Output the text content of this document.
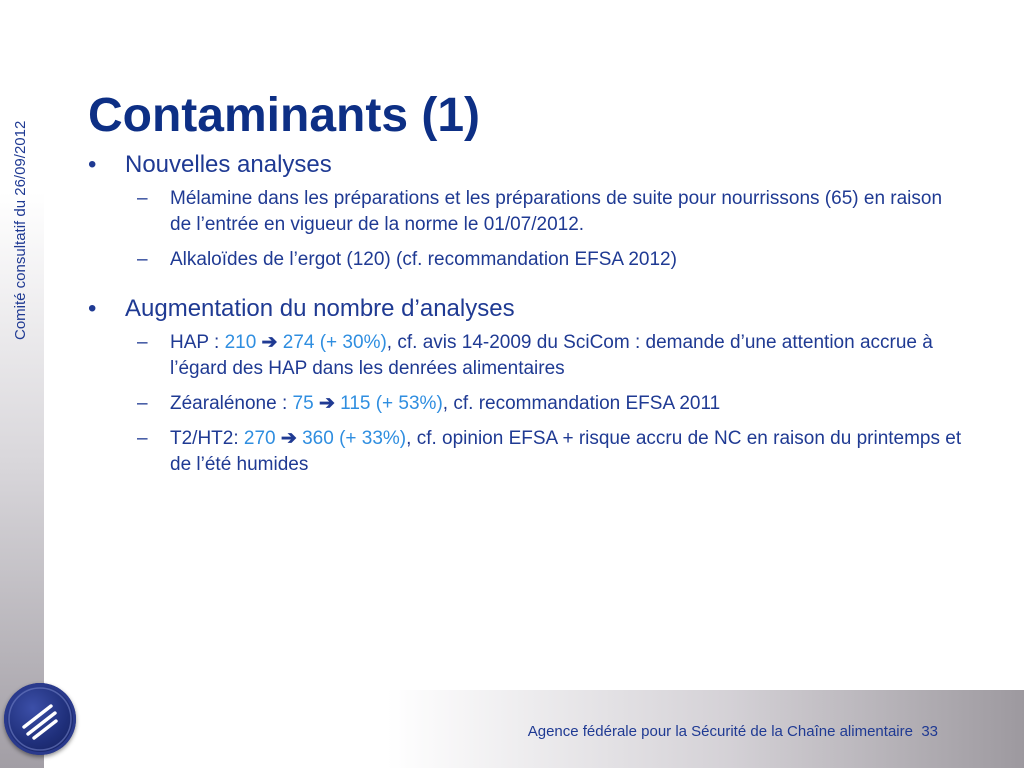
Contaminants (1)
• Nouvelles analyses
– Mélamine dans les préparations et les préparations de suite pour nourrissons (65) en raison de l’entrée en vigueur de la norme le 01/07/2012.
– Alkaloïdes de l’ergot (120) (cf. recommandation EFSA 2012)
• Augmentation du nombre d’analyses
– HAP : 210 ➔ 274 (+ 30%), cf. avis 14-2009 du SciCom : demande d’une attention accrue à l’égard des HAP dans les denrées alimentaires
– Zéaralénone : 75 ➔ 115 (+ 53%), cf. recommandation EFSA 2011
– T2/HT2: 270 ➔ 360 (+ 33%), cf. opinion EFSA + risque accru de NC en raison du printemps et de l’été humides
Agence fédérale pour la Sécurité de la Chaîne alimentaire 33
